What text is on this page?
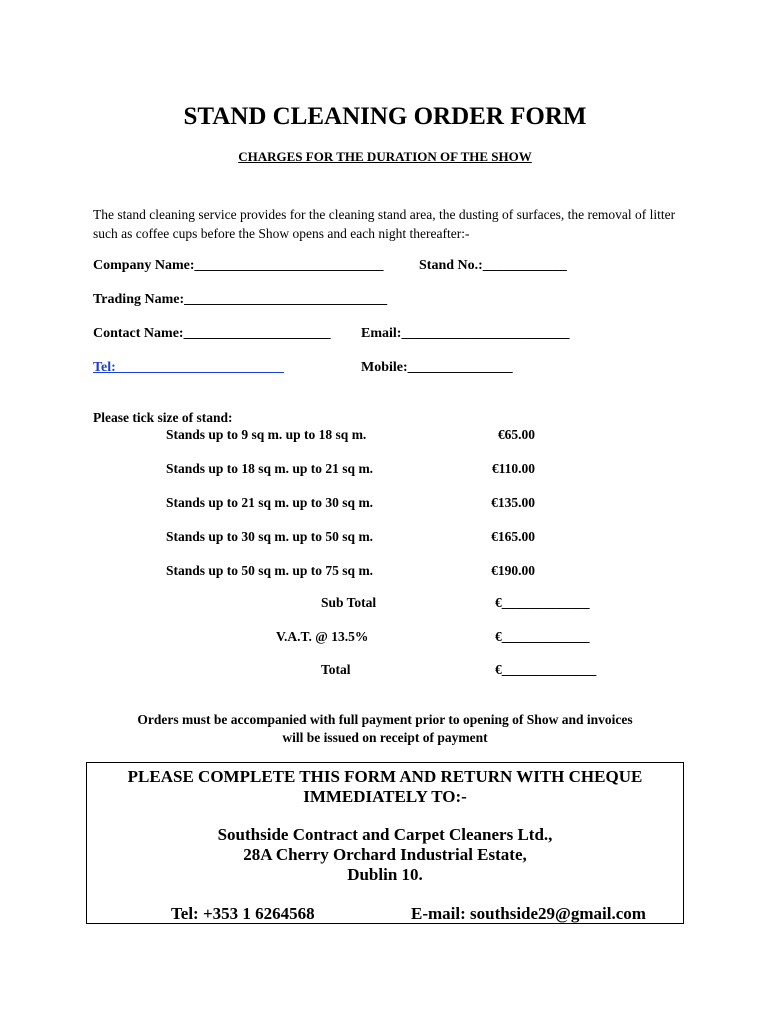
STAND CLEANING ORDER FORM
CHARGES FOR THE DURATION OF THE SHOW
The stand cleaning service provides for the cleaning stand area, the dusting of surfaces, the removal of litter such as coffee cups before the Show opens and each night thereafter:-
Company Name:___________________________	Stand No.:____________
Trading Name:_____________________________
Contact Name:_____________________ Email:________________________
Tel:________________________	Mobile:_______________
Please tick size of stand:
Stands up to 9 sq m. up to 18 sq m.	€65.00
Stands up to 18 sq m. up to 21 sq m.	€110.00
Stands up to 21 sq m. up to 30 sq m.	€135.00
Stands up to 30 sq m. up to 50 sq m.	€165.00
Stands up to 50 sq m. up to 75 sq m.	€190.00
Sub Total	€_____________
V.A.T. @ 13.5%	€_____________
Total	€______________
Orders must be accompanied with full payment prior to opening of Show and invoices
will be issued on receipt of payment
PLEASE COMPLETE THIS FORM AND RETURN WITH CHEQUE
IMMEDIATELY TO:-
Southside Contract and Carpet Cleaners Ltd.,
28A Cherry Orchard Industrial Estate,
Dublin 10.
Tel: +353 1 6264568	E-mail: southside29@gmail.com
